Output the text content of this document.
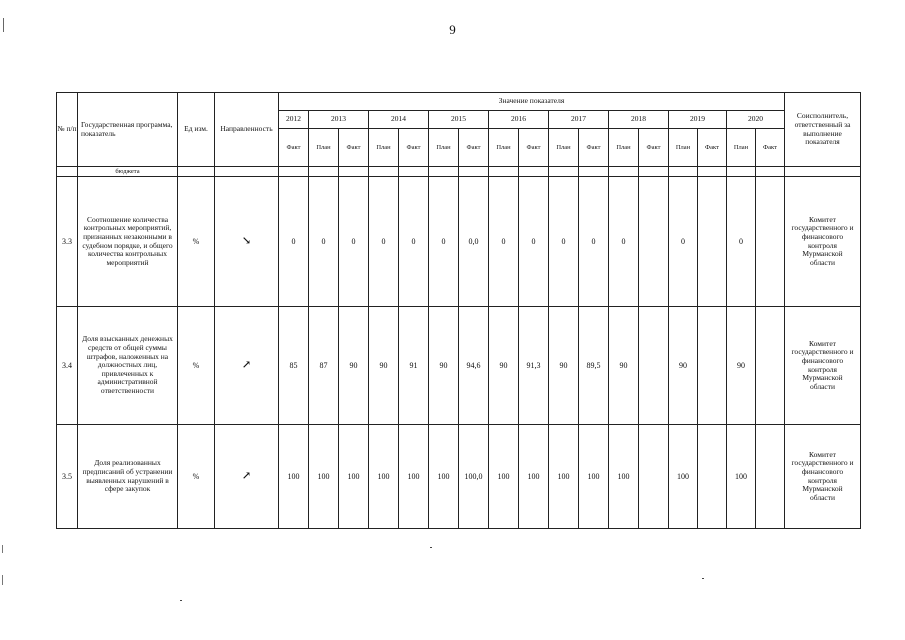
9
№ п/п	Государственная программа, показатель	Ед изм.	Направленность	Значение показателя																	Соисполнитель, ответственный за выполнение показателя
				2012	2013		2014		2015		2016		2017		2018		2019		2020		
				Факт	План	Факт	План	Факт	План	Факт	План	Факт	План	Факт	План	Факт	План	Факт	План	Факт	
	бюджета																				
3.3	Соотношение количества контрольных мероприятий, признанных незаконными в судебном порядке, и общего количества контрольных мероприятий	%	↘	0	0	0	0	0	0	0,0	0	0	0	0	0		0		0		Комитет государственного и финансового контроля Мурманской области
3.4	Доля взысканных денежных средств от общей суммы штрафов, наложенных на должностных лиц, привлеченных к административной ответственности	%	↗	85	87	90	90	91	90	94,6	90	91,3	90	89,5	90		90		90		Комитет государственного и финансового контроля Мурманской области
3.5	Доля реализованных предписаний об устранении выявленных нарушений в сфере закупок	%	↗	100	100	100	100	100	100	100,0	100	100	100	100	100		100		100		Комитет государственного и финансового контроля Мурманской области
